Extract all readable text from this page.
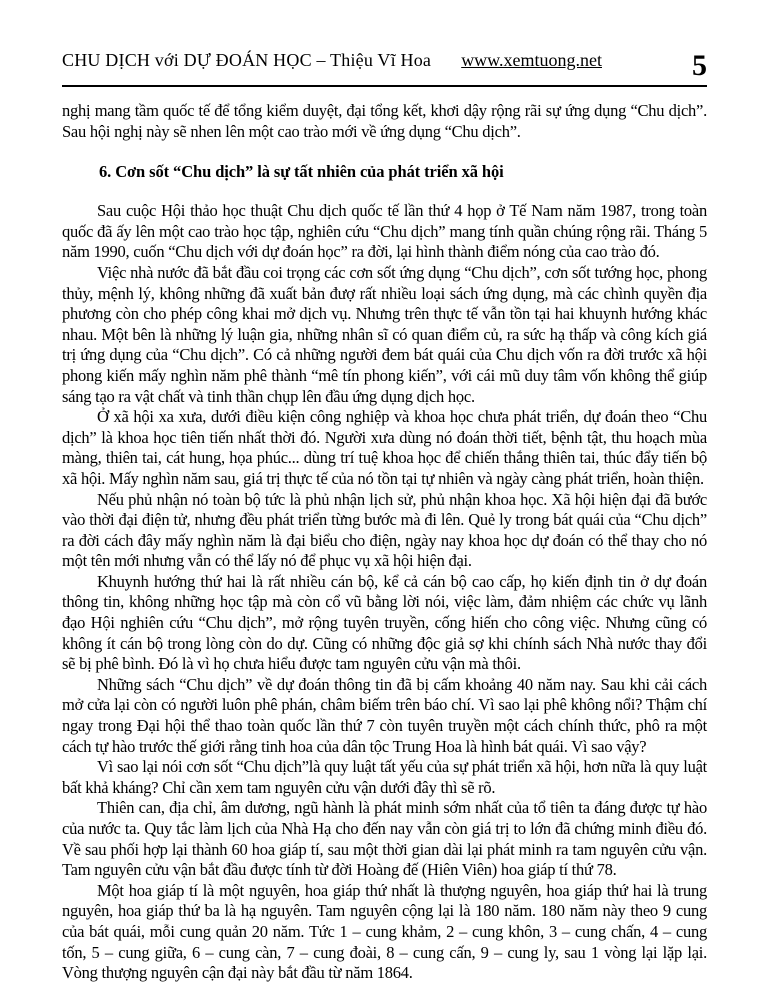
CHU DỊCH với DỰ ĐOÁN HỌC – Thiệu Vĩ Hoa	www.xemtuong.net	5

nghị mang tầm quốc tế để tổng kiểm duyệt, đại tổng kết, khơi dậy rộng rãi sự ứng dụng “Chu dịch”. Sau hội nghị này sẽ nhen lên một cao trào mới về ứng dụng “Chu dịch”.

6. Cơn sốt “Chu dịch” là sự tất nhiên của phát triển xã hội

Sau cuộc Hội thảo học thuật Chu dịch quốc tế lần thứ 4 họp ở Tế Nam năm 1987, trong toàn quốc đã ấy lên một cao trào học tập, nghiên cứu “Chu dịch” mang tính quần chúng rộng rãi. Tháng 5 năm 1990, cuốn “Chu dịch với dự đoán học” ra đời, lại hình thành điểm nóng của cao trào đó.

Việc nhà nước đã bắt đầu coi trọng các cơn sốt ứng dụng “Chu dịch”, cơn sốt tướng học, phong thủy, mệnh lý, không những đã xuất bản đượ rất nhiều loại sách ứng dụng, mà các chình quyền địa phương còn cho phép công khai mở dịch vụ. Nhưng trên thực tế vẫn tồn tại hai khuynh hướng khác nhau. Một bên là những lý luận gia, những nhân sĩ có quan điểm củ, ra sức hạ thấp và công kích giá trị ứng dụng của “Chu dịch”. Có cả những người đem bát quái của Chu dịch vốn ra đời trước xã hội phong kiến mấy nghìn năm phê thành “mê tín phong kiến”, với cái mũ duy tâm vốn không thể giúp sáng tạo ra vật chất và tinh thần chụp lên đầu ứng dụng dịch học.

Ở xã hội xa xưa, dưới điều kiện công nghiệp và khoa học chưa phát triển, dự đoán theo “Chu dịch” là khoa học tiên tiến nhất thời đó. Người xưa dùng nó đoán thời tiết, bệnh tật, thu hoạch mùa màng, thiên tai, cát hung, họa phúc... dùng trí tuệ khoa học để chiến thắng thiên tai, thúc đẩy tiến bộ xã hội. Mấy nghìn năm sau, giá trị thực tế của nó tồn tại tự nhiên và ngày càng phát triển, hoàn thiện.

Nếu phủ nhận nó toàn bộ tức là phủ nhận lịch sử, phủ nhận khoa học. Xã hội hiện đại đã bước vào thời đại điện tử, nhưng đều phát triển từng bước mà đi lên. Quẻ ly trong bát quái của “Chu dịch” ra đời cách đây mấy nghìn năm là đại biểu cho điện, ngày nay khoa học dự đoán có thể thay cho nó một tên mới nhưng vẫn có thể lấy nó để phục vụ xã hội hiện đại.

Khuynh hướng thứ hai là rất nhiều cán bộ, kể cả cán bộ cao cấp, họ kiến định tin ở dự đoán thông tin, không những học tập mà còn cổ vũ bằng lời nói, việc làm, đảm nhiệm các chức vụ lãnh đạo Hội nghiên cứu “Chu dịch”, mở rộng tuyên truyền, cống hiến cho công việc. Nhưng cũng có không ít cán bộ trong lòng còn do dự. Cũng có những độc giả sợ khi chính sách Nhà nước thay đổi sẽ bị phê bình. Đó là vì họ chưa hiểu được tam nguyên cửu vận mà thôi.

Những sách “Chu dịch” về dự đoán thông tin đã bị cấm khoảng 40 năm nay. Sau khi cải cách mở cửa lại còn có người luôn phê phán, châm biếm trên báo chí. Vì sao lại phê không nổi? Thậm chí ngay trong Đại hội thể thao toàn quốc lần thứ 7 còn tuyên truyền một cách chính thức, phô ra một cách tự hào trước thế giới rằng tinh hoa của dân tộc Trung Hoa là hình bát quái. Vì sao vậy?

Vì sao lại nói cơn sốt “Chu dịch”là quy luật tất yếu của sự phát triển xã hội, hơn nữa là quy luật bất khả kháng? Chỉ cần xem tam nguyên cửu vận dưới đây thì sẽ rõ.

Thiên can, địa chỉ, âm dương, ngũ hành là phát minh sớm nhất của tổ tiên ta đáng được tự hào của nước ta. Quy tắc làm lịch của Nhà Hạ cho đến nay vẫn còn giá trị to lớn đã chứng minh điều đó. Về sau phối hợp lại thành 60 hoa giáp tí, sau một thời gian dài lại phát minh ra tam nguyên cửu vận. Tam nguyên cửu vận bắt đầu được tính từ đời Hoàng đế (Hiên Viên) hoa giáp tí thứ 78.

Một hoa giáp tí là một nguyên, hoa giáp thứ nhất là thượng nguyên, hoa giáp thứ hai là trung nguyên, hoa giáp thứ ba là hạ nguyên. Tam nguyên cộng lại là 180 năm. 180 năm này theo 9 cung của bát quái, mỗi cung quản 20 năm. Tức 1 – cung khảm, 2 – cung khôn, 3 – cung chấn, 4 – cung tốn, 5 – cung giữa, 6 – cung càn, 7 – cung đoài, 8 – cung cấn, 9 – cung ly, sau 1 vòng lại lặp lại. Vòng thượng nguyên cận đại này bắt đầu từ năm 1864.
